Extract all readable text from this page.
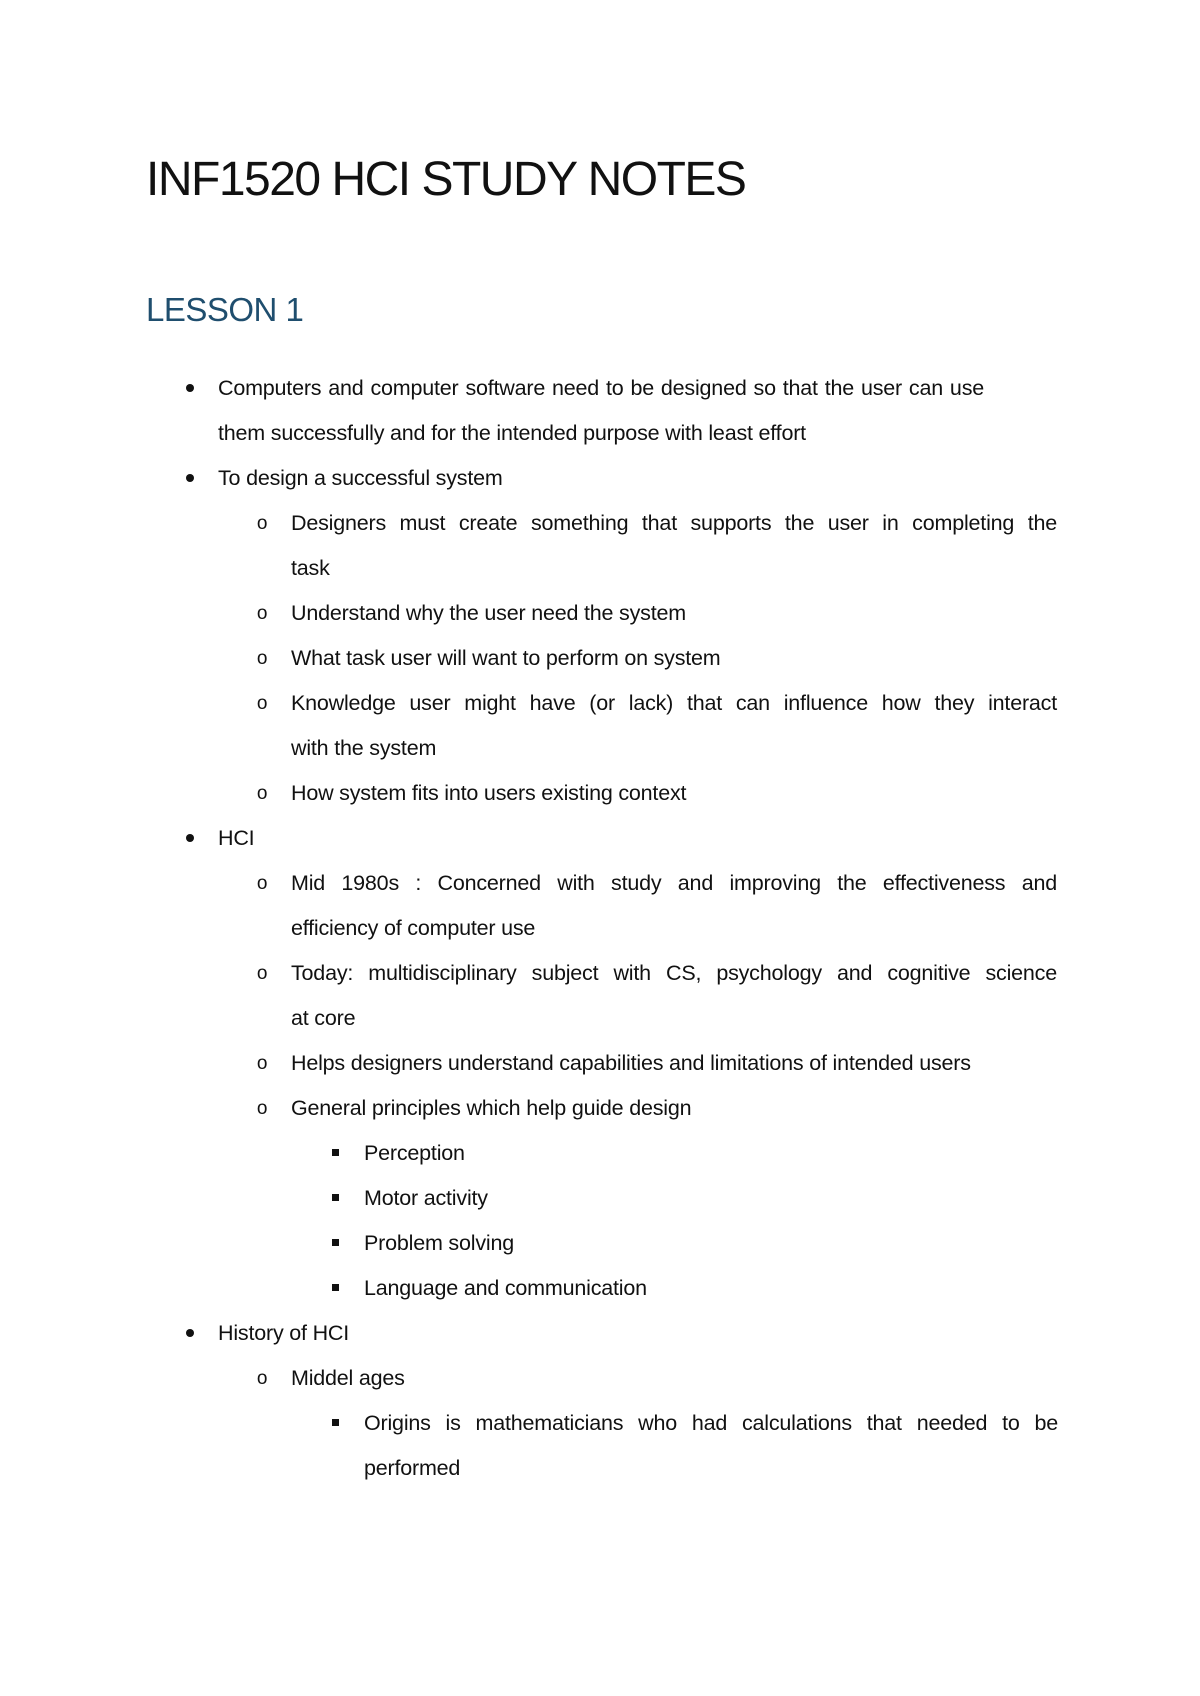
INF1520 HCI STUDY NOTES
LESSON 1
Computers and computer software need to be designed so that the user can use
them successfully and for the intended purpose with least effort
To design a successful system
o Designers must create something that supports the user in completing the
task
o Understand why the user need the system
o What task user will want to perform on system
o Knowledge user might have (or lack) that can influence how they interact
with the system
o How system fits into users existing context
HCI
o Mid 1980s : Concerned with study and improving the effectiveness and
efficiency of computer use
o Today: multidisciplinary subject with CS, psychology and cognitive science
at core
o Helps designers understand capabilities and limitations of intended users
o General principles which help guide design
Perception
Motor activity
Problem solving
Language and communication
History of HCI
o Middel ages
Origins is mathematicians who had calculations that needed to be
performed
